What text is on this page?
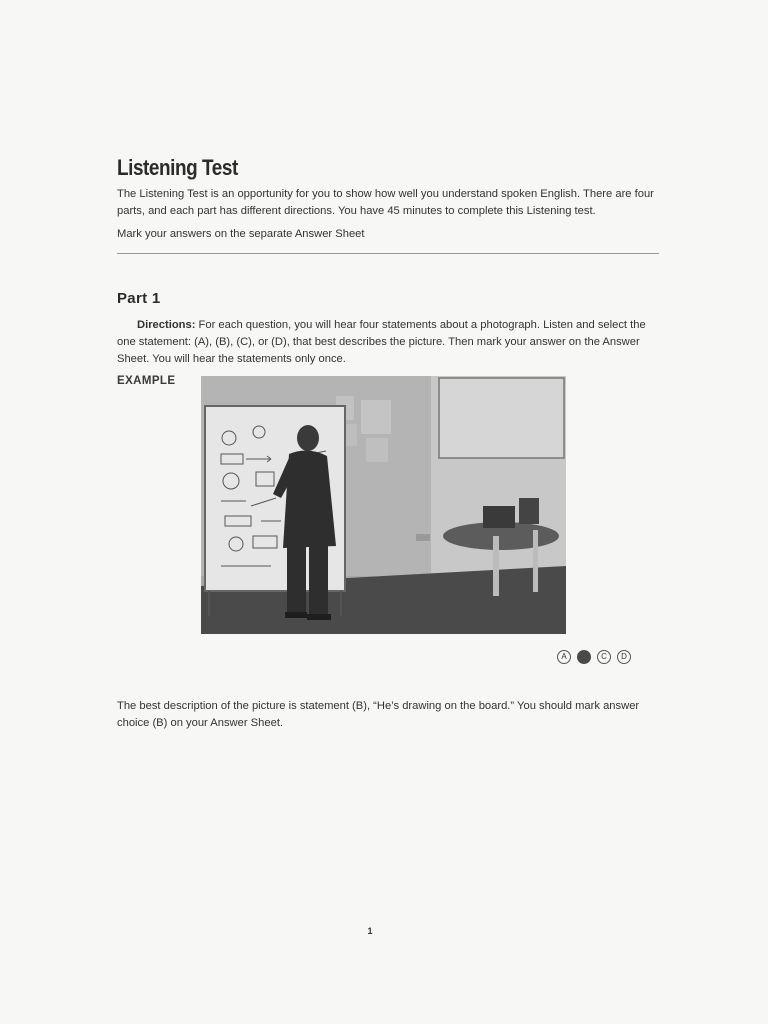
Listening Test

The Listening Test is an opportunity for you to show how well you understand spoken English. There are four parts, and each part has different directions. You have 45 minutes to complete this Listening test.

Mark your answers on the separate Answer Sheet

Part 1

Directions: For each question, you will hear four statements about a photograph. Listen and select the one statement: (A), (B), (C), or (D), that best describes the picture. Then mark your answer on the Answer Sheet. You will hear the statements only once.

EXAMPLE
A	C	D

The best description of the picture is statement (B), “He’s drawing on the board.” You should mark answer choice (B) on your Answer Sheet.

1
